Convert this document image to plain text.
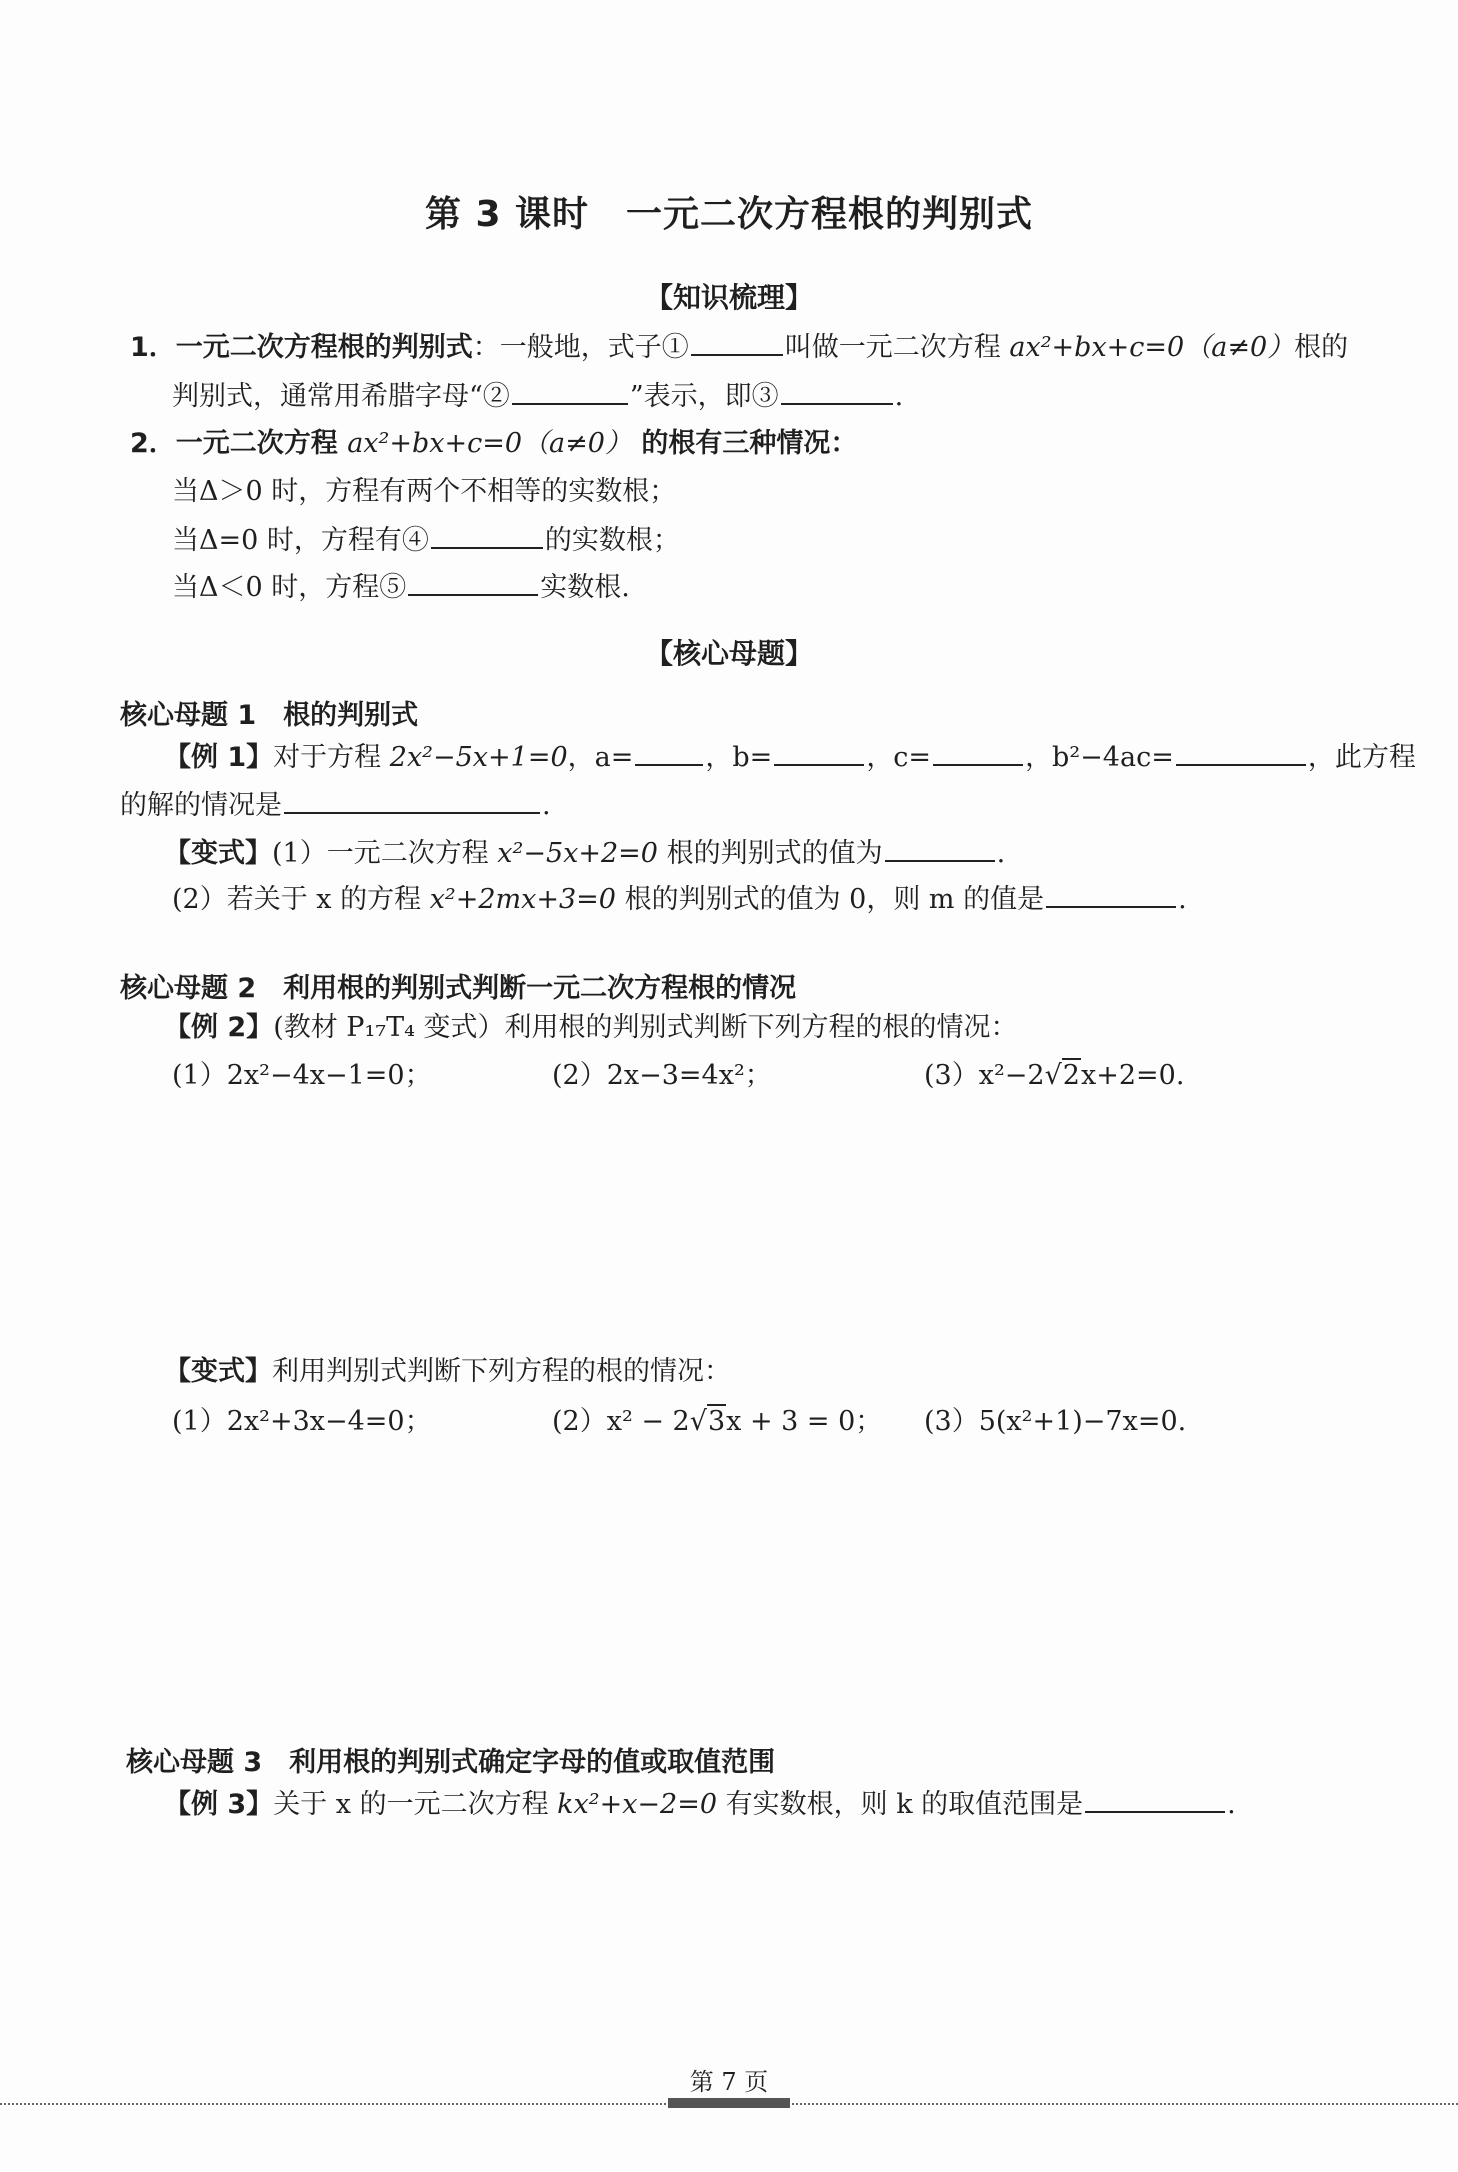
第 3 课时　一元二次方程根的判别式
【知识梳理】
1．一元二次方程根的判别式：一般地，式子①	叫做一元二次方程 ax²+bx+c=0（a≠0）根的
判别式，通常用希腊字母“②	”表示，即③	.
2．一元二次方程 ax²+bx+c=0（a≠0） 的根有三种情况：
当Δ＞0 时，方程有两个不相等的实数根；
当Δ=0 时，方程有④	的实数根；
当Δ＜0 时，方程⑤	实数根.
【核心母题】
核心母题 1　根的判别式
【例 1】对于方程 2x²−5x+1=0，a=	，b=	，c=	，b²−4ac=	，此方程
的解的情况是	.
【变式】(1）一元二次方程 x²−5x+2=0 根的判别式的值为	.
(2）若关于 x 的方程 x²+2mx+3=0 根的判别式的值为 0，则 m 的值是	.
核心母题 2　利用根的判别式判断一元二次方程根的情况
【例 2】(教材 P₁₇T₄ 变式）利用根的判别式判断下列方程的根的情况：
(1）2x²−4x−1=0；	(2）2x−3=4x²；	(3）x²−2√2x+2=0.
【变式】利用判别式判断下列方程的根的情况：
(1）2x²+3x−4=0；	(2）x² − 2√3x + 3 = 0； (3）5(x²+1)−7x=0.
核心母题 3　利用根的判别式确定字母的值或取值范围
【例 3】关于 x 的一元二次方程 kx²+x−2=0 有实数根，则 k 的取值范围是	.
第 7 页
